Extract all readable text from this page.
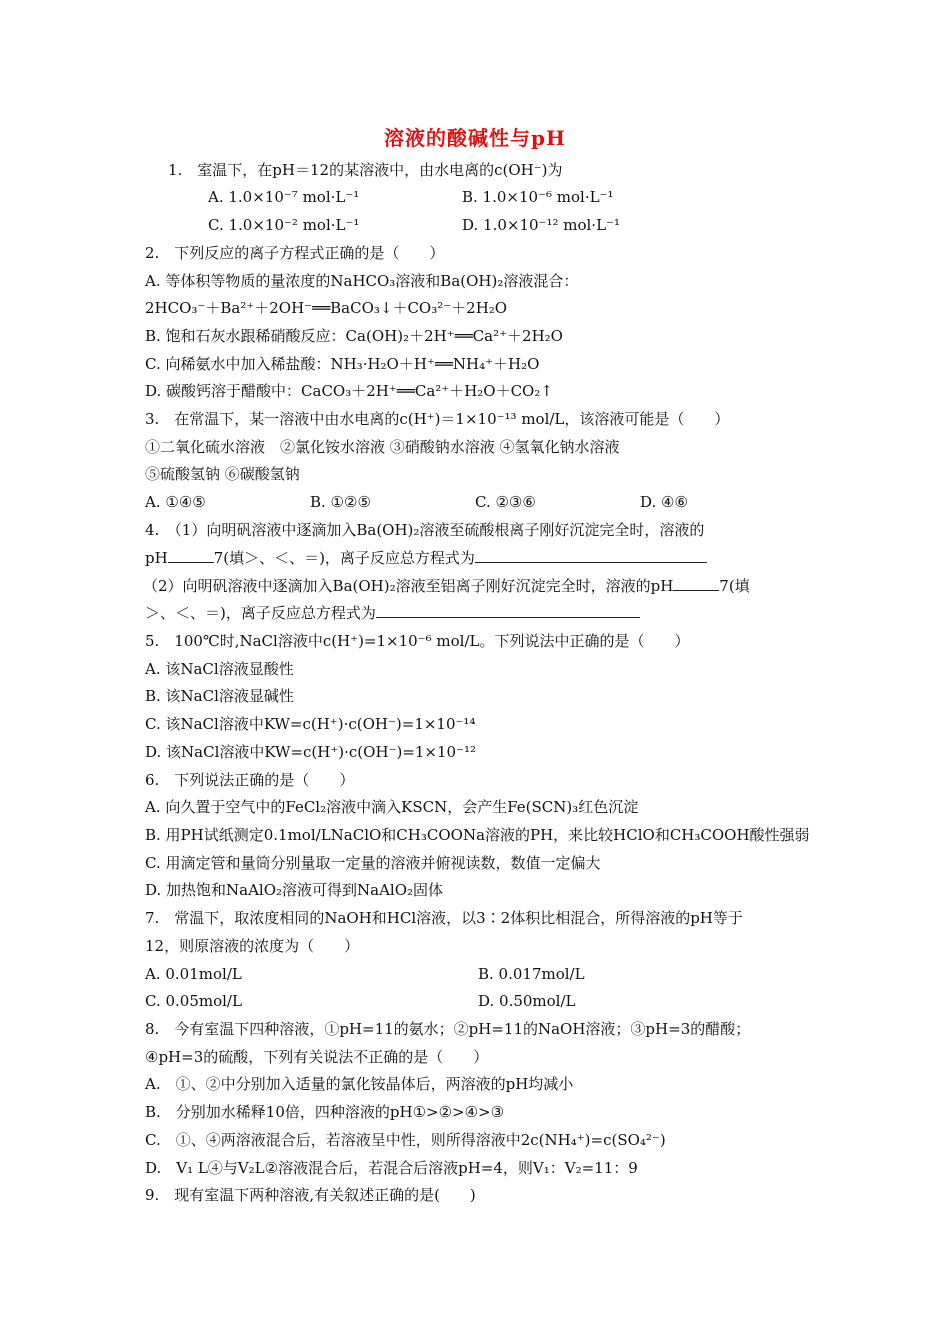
溶液的酸碱性与pH
1.　室温下，在pH＝12的某溶液中，由水电离的c(OH⁻)为
A. 1.0×10⁻⁷ mol·L⁻¹	B. 1.0×10⁻⁶ mol·L⁻¹
C. 1.0×10⁻² mol·L⁻¹	D. 1.0×10⁻¹² mol·L⁻¹
2.　下列反应的离子方程式正确的是（　　）
A. 等体积等物质的量浓度的NaHCO₃溶液和Ba(OH)₂溶液混合：
2HCO₃⁻＋Ba²⁺＋2OH⁻══BaCO₃↓＋CO₃²⁻＋2H₂O
B. 饱和石灰水跟稀硝酸反应：Ca(OH)₂＋2H⁺══Ca²⁺＋2H₂O
C. 向稀氨水中加入稀盐酸：NH₃·H₂O＋H⁺══NH₄⁺＋H₂O
D. 碳酸钙溶于醋酸中：CaCO₃＋2H⁺══Ca²⁺＋H₂O＋CO₂↑
3.　在常温下，某一溶液中由水电离的c(H⁺)＝1×10⁻¹³ mol/L，该溶液可能是（　　）
①二氧化硫水溶液　②氯化铵水溶液 ③硝酸钠水溶液 ④氢氧化钠水溶液
⑤硫酸氢钠 ⑥碳酸氢钠
A. ①④⑤	B. ①②⑤	C. ②③⑥	D. ④⑥
4.　（1）向明矾溶液中逐滴加入Ba(OH)₂溶液至硫酸根离子刚好沉淀完全时，溶液的
pH	7(填＞、＜、＝)，离子反应总方程式为
（2）向明矾溶液中逐滴加入Ba(OH)₂溶液至铝离子刚好沉淀完全时，溶液的pH	7(填
＞、＜、＝)，离子反应总方程式为
5.　100℃时,NaCl溶液中c(H⁺)=1×10⁻⁶ mol/L。下列说法中正确的是（　　）
A. 该NaCl溶液显酸性
B. 该NaCl溶液显碱性
C. 该NaCl溶液中KW=c(H⁺)·c(OH⁻)=1×10⁻¹⁴
D. 该NaCl溶液中KW=c(H⁺)·c(OH⁻)=1×10⁻¹²
6.　下列说法正确的是（　　）
A. 向久置于空气中的FeCl₂溶液中滴入KSCN，会产生Fe(SCN)₃红色沉淀
B. 用PH试纸测定0.1mol/LNaClO和CH₃COONa溶液的PH，来比较HClO和CH₃COOH酸性强弱
C. 用滴定管和量筒分别量取一定量的溶液并俯视读数，数值一定偏大
D. 加热饱和NaAlO₂溶液可得到NaAlO₂固体
7.　常温下，取浓度相同的NaOH和HCl溶液，以3∶2体积比相混合，所得溶液的pH等于
12，则原溶液的浓度为（　　）
A. 0.01mol/L	B. 0.017mol/L
C. 0.05mol/L	D. 0.50mol/L
8.　今有室温下四种溶液，①pH=11的氨水；②pH=11的NaOH溶液；③pH=3的醋酸；
④pH=3的硫酸，下列有关说法不正确的是（　　）
A.　①、②中分别加入适量的氯化铵晶体后，两溶液的pH均减小
B.　分别加水稀释10倍，四种溶液的pH①>②>④>③
C.　①、④两溶液混合后，若溶液呈中性，则所得溶液中2c(NH₄⁺)=c(SO₄²⁻)
D.　V₁ L④与V₂L②溶液混合后，若混合后溶液pH=4，则V₁：V₂=11：9
9.　现有室温下两种溶液,有关叙述正确的是(　　)
